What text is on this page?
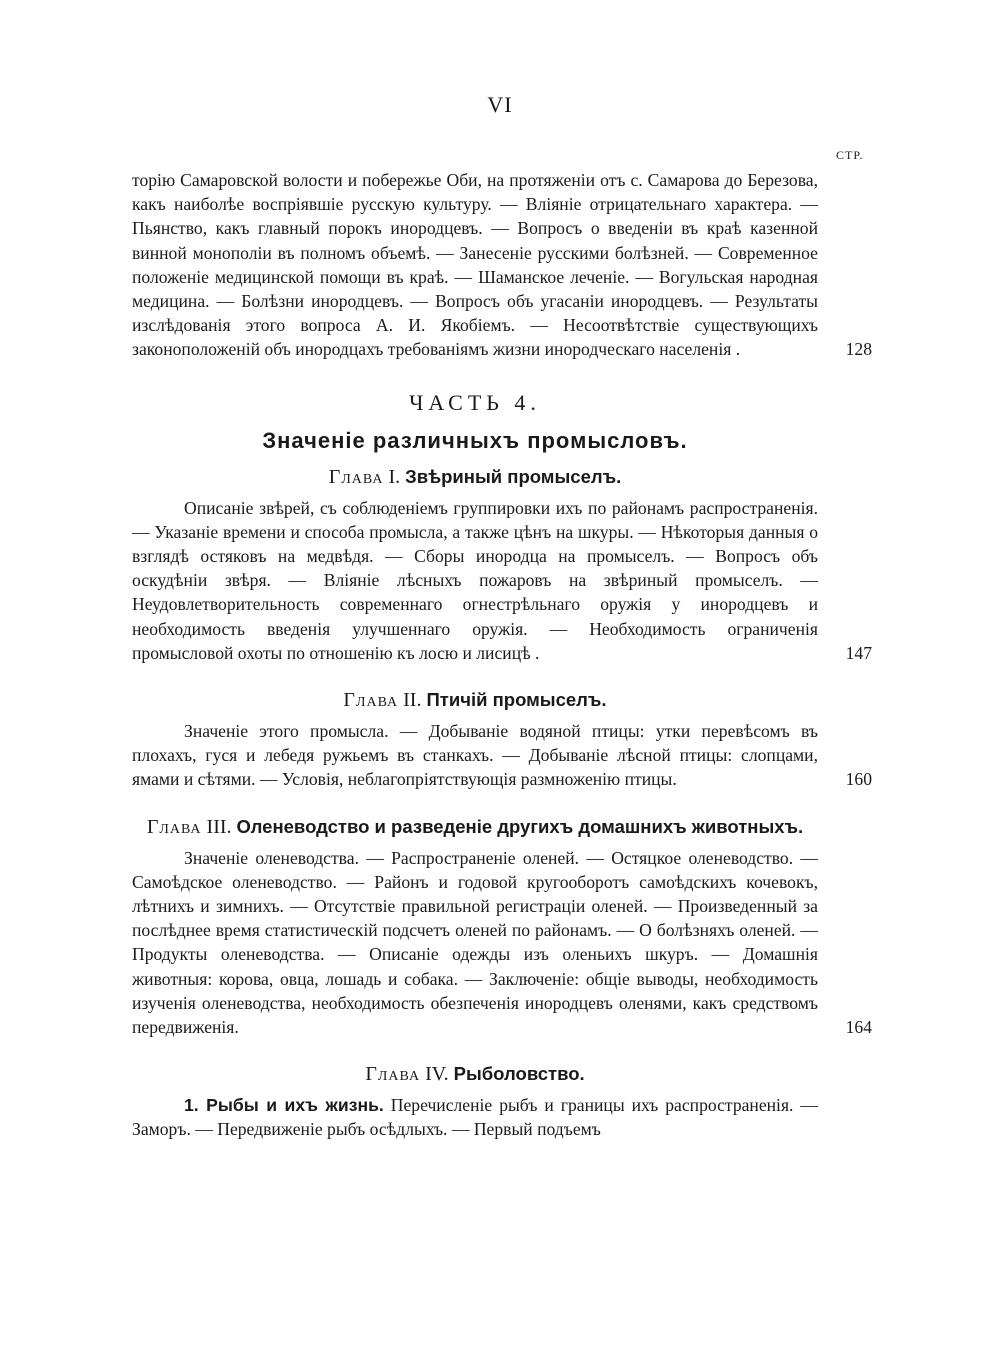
VI
СТР.

торію Самаровской волости и побережье Оби, на протяженіи отъ с. Самарова до Березова, какъ наиболѣе воспріявшіе русскую культуру. — Вліяніе отрицательнаго характера. — Пьянство, какъ главный порокъ инородцевъ. — Вопросъ о введеніи въ краѣ казенной винной монополіи въ полномъ объемѣ. — Занесеніе русскими болѣзней. — Современное положеніе медицинской помощи въ краѣ. — Шаманское леченіе. — Вогульская народная медицина. — Болѣзни инородцевъ. — Вопросъ объ угасаніи инородцевъ. — Результаты изслѣдованія этого вопроса А. И. Якобіемъ. — Несоотвѣтствіе существующихъ законоположеній объ инородцахъ требованіямъ жизни инородческаго населенія .	128

ЧАСТЬ 4.
Значеніе различныхъ промысловъ.
Глава I. Звѣриный промыселъ.

Описаніе звѣрей, съ соблюденіемъ группировки ихъ по районамъ распространенія. — Указаніе времени и способа промысла, а также цѣнъ на шкуры. — Нѣкоторыя данныя о взглядѣ остяковъ на медвѣдя. — Сборы инородца на промыселъ. — Вопросъ объ оскудѣніи звѣря. — Вліяніе лѣсныхъ пожаровъ на звѣриный промыселъ. — Неудовлетворительность современнаго огнестрѣльнаго оружія у инородцевъ и необходимость введенія улучшеннаго оружія. — Необходимость ограниченія промысловой охоты по отношенію къ лосю и лисицѣ .	147

Глава II. Птичій промыселъ.

Значеніе этого промысла. — Добываніе водяной птицы: утки перевѣсомъ въ плохахъ, гуся и лебедя ружьемъ въ станкахъ. — Добываніе лѣсной птицы: слопцами, ямами и сѣтями. — Условія, неблагопріятствующія размноженію птицы.	160

Глава III. Оленеводство и разведеніе другихъ домашнихъ животныхъ.

Значеніе оленеводства. — Распространеніе оленей. — Остяцкое оленеводство. — Самоѣдское оленеводство. — Районъ и годовой кругооборотъ самоѣдскихъ кочевокъ, лѣтнихъ и зимнихъ. — Отсутствіе правильной регистраціи оленей. — Произведенный за послѣднее время статистическій подсчетъ оленей по районамъ. — О болѣзняхъ оленей. — Продукты оленеводства. — Описаніе одежды изъ оленьихъ шкуръ. — Домашнія животныя: корова, овца, лошадь и собака. — Заключеніе: общіе выводы, необходимость изученія оленеводства, необходимость обезпеченія инородцевъ оленями, какъ средствомъ передвиженія.	164

Глава IV. Рыболовство.

1. Рыбы и ихъ жизнь. Перечисленіе рыбъ и границы ихъ распространенія. — Заморъ. — Передвиженіе рыбъ осѣдлыхъ. — Первый подъемъ
